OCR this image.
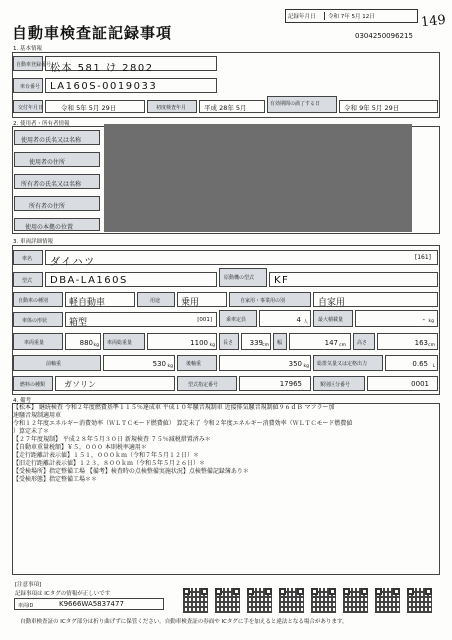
自動車検査証記録事項
記録年月日	令和 7年 5月 12日	149
0304250096215
1. 基本情報
自動車登録番号
松本 581 け 2802
車台番号 LA160S-0019033
交付年月日	令和 5年 5月 29日	初度検査年月	平成 28年 5月	有効期間の満了する日	令和 9年 5月 29日
2. 使用者・所有者情報
使用者の氏名又は名称
使用者の住所
所有者の氏名又は名称
所有者の住所
使用の本拠の位置
3. 車両詳細情報
車名 ダイハツ	[161]
型式 DBA-LA160S	原動機の型式 KF
自動車の種別 軽自動車	用途 乗用	自家用・事業用の別	自家用
車体の形状 箱型	[001]	乗車定員	4 人 最大積載量	- kg
車両重量	880 kg 車両総重量	1100 kg 長さ 339 cm 幅	147 cm 高さ	163 cm
前軸重	530 kg	後軸重	350 kg 総排気量又は定格出力	0.65 L
燃料の種類 ガソリン	型式指定番号	17965	類別区分番号	0001
4. 備考
【松本】 継続検査 令和２年度燃費基準１１５％達成車 平成１０年騒音規制車 近接排気騒音規制値９６ｄＢ マフラー加
速騒音規制適用車
令和１２年度エネルギー消費効率（ＷＬＴＣモード燃費値） 算定未了 令和２年度エネルギー消費効率（ＷＬＴＣモード燃費値
）算定未了＊
【２７年度規制】 平成２８年５月３０日 新規検査 ７５％減税措置済み＊
【自動車重量税額】￥５，０００ 本則税率適用＊
【走行距離計表示値】１５１，０００ｋｍ（令和７年５月１２日）＊
【旧走行距離計表示値】１２３，８００ｋｍ（令和５年５月２６日）＊
【受検場所】指定整備工場 【備考】検査時の点検整備実施状況】点検整備記録簿あり＊
【受検形態】指定整備工場＊＊
[注意事項]
記録事項は ICタグの情報が正しいです
車両ID	K9666WA5837477
自動車検査証の ICタグ部分は折り曲げずに保管ください。自動車検査証の券面や ICタグに手を加えると違法となる場合があります。
